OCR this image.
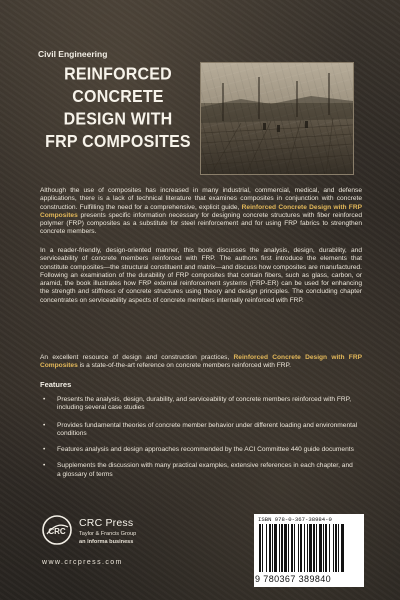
Civil Engineering
REINFORCED
CONCRETE
DESIGN WITH
FRP COMPOSITES
Although the use of composites has increased in many industrial, commercial, medical, and defense applications, there is a lack of technical literature that examines composites in conjunction with concrete construction. Fulfilling the need for a comprehensive, explicit guide, Reinforced Concrete Design with FRP Composites presents specific information necessary for designing concrete structures with fiber reinforced polymer (FRP) composites as a substitute for steel reinforcement and for using FRP fabrics to strengthen concrete members.
In a reader-friendly, design-oriented manner, this book discusses the analysis, design, durability, and serviceability of concrete members reinforced with FRP. The authors first introduce the elements that constitute composites—the structural constituent and matrix—and discuss how composites are manufactured. Following an examination of the durability of FRP composites that contain fibers, such as glass, carbon, or aramid, the book illustrates how FRP external reinforcement systems (FRP-ER) can be used for enhancing the strength and stiffness of concrete structures using theory and design principles. The concluding chapter concentrates on serviceability aspects of concrete members internally reinforced with FRP.
An excellent resource of design and construction practices, Reinforced Concrete Design with FRP Composites is a state-of-the-art reference on concrete members reinforced with FRP.
Features
• Presents the analysis, design, durability, and serviceability of concrete members reinforced with FRP, including several case studies
• Provides fundamental theories of concrete member behavior under different loading and environmental conditions
• Features analysis and design approaches recommended by the ACI Committee 440 guide documents
• Supplements the discussion with many practical examples, extensive references in each chapter, and a glossary of terms
CRC
CRC Press
Taylor & Francis Group
an informa business
www.crcpress.com
ISBN 978-0-367-38984-0
9 780367 389840
